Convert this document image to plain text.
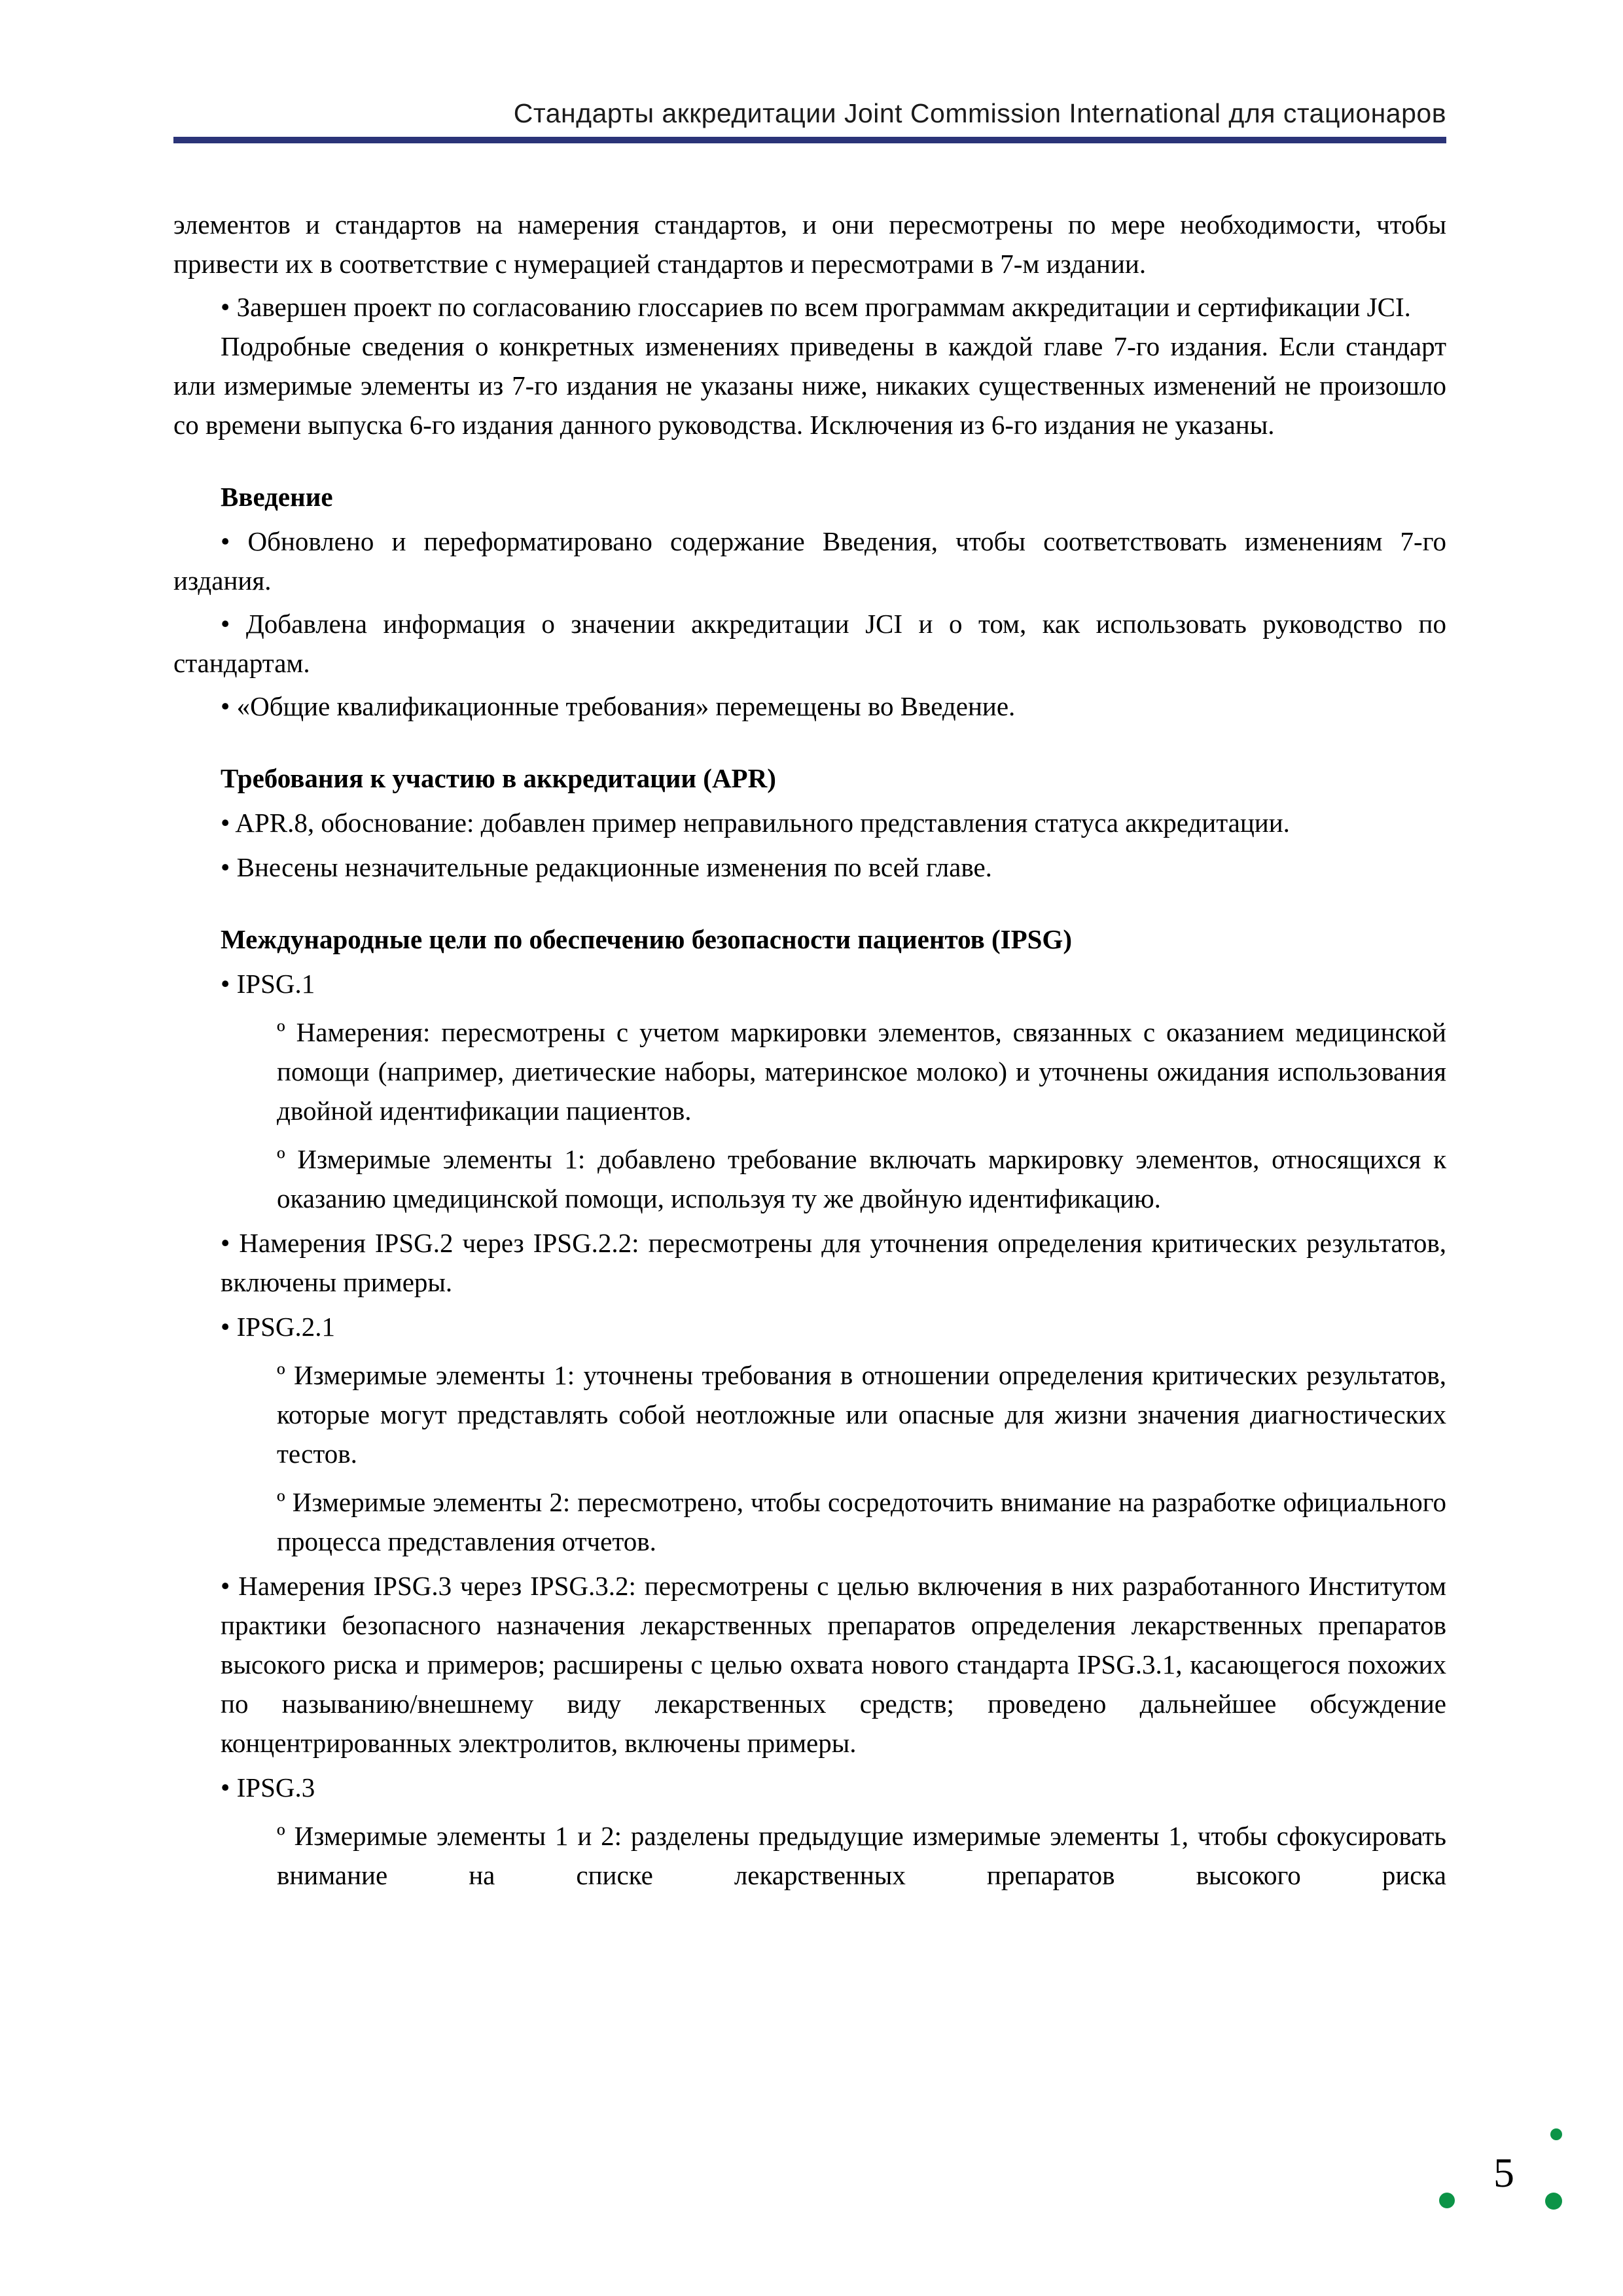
Стандарты аккредитации Joint Commission International для стационаров

элементов и стандартов на намерения стандартов, и они пересмотрены по мере необходимости, чтобы привести их в соответствие с нумерацией стандартов и пересмотрами в 7-м издании.

• Завершен проект по согласованию глоссариев по всем программам аккредитации и сертификации JCI.

Подробные сведения о конкретных изменениях приведены в каждой главе 7-го издания. Если стандарт или измеримые элементы из 7-го издания не указаны ниже, никаких существенных изменений не произошло со времени выпуска 6-го издания данного руководства. Исключения из 6-го издания не указаны.

Введение

• Обновлено и переформатировано содержание Введения, чтобы соответствовать изменениям 7-го издания.

• Добавлена информация о значении аккредитации JCI и о том, как использовать руководство по стандартам.

• «Общие квалификационные требования» перемещены во Введение.

Требования к участию в аккредитации (APR)

• APR.8, обоснование: добавлен пример неправильного представления статуса аккредитации.

• Внесены незначительные редакционные изменения по всей главе.

Международные цели по обеспечению безопасности пациентов (IPSG)

• IPSG.1

º Намерения: пересмотрены с учетом маркировки элементов, связанных с оказанием медицинской помощи (например, диетические наборы, материнское молоко) и уточнены ожидания использования двойной идентификации пациентов.

º Измеримые элементы 1: добавлено требование включать маркировку элементов, относящихся к оказанию цмедицинской помощи, используя ту же двойную идентификацию.

• Намерения IPSG.2 через IPSG.2.2: пересмотрены для уточнения определения критических результатов, включены примеры.

• IPSG.2.1

º Измеримые элементы 1: уточнены требования в отношении определения критических результатов, которые могут представлять собой неотложные или опасные для жизни значения диагностических тестов.

º Измеримые элементы 2: пересмотрено, чтобы сосредоточить внимание на разработке официального процесса представления отчетов.

• Намерения IPSG.3 через IPSG.3.2: пересмотрены с целью включения в них разработанного Институтом практики безопасного назначения лекарственных препаратов определения лекарственных препаратов высокого риска и примеров; расширены с целью охвата нового стандарта IPSG.3.1, касающегося похожих по называнию/внешнему виду лекарственных средств; проведено дальнейшее обсуждение концентрированных электролитов, включены примеры.

• IPSG.3

º Измеримые элементы 1 и 2: разделены предыдущие измеримые элементы 1, чтобы сфокусировать внимание на списке лекарственных препаратов высокого риска

5
